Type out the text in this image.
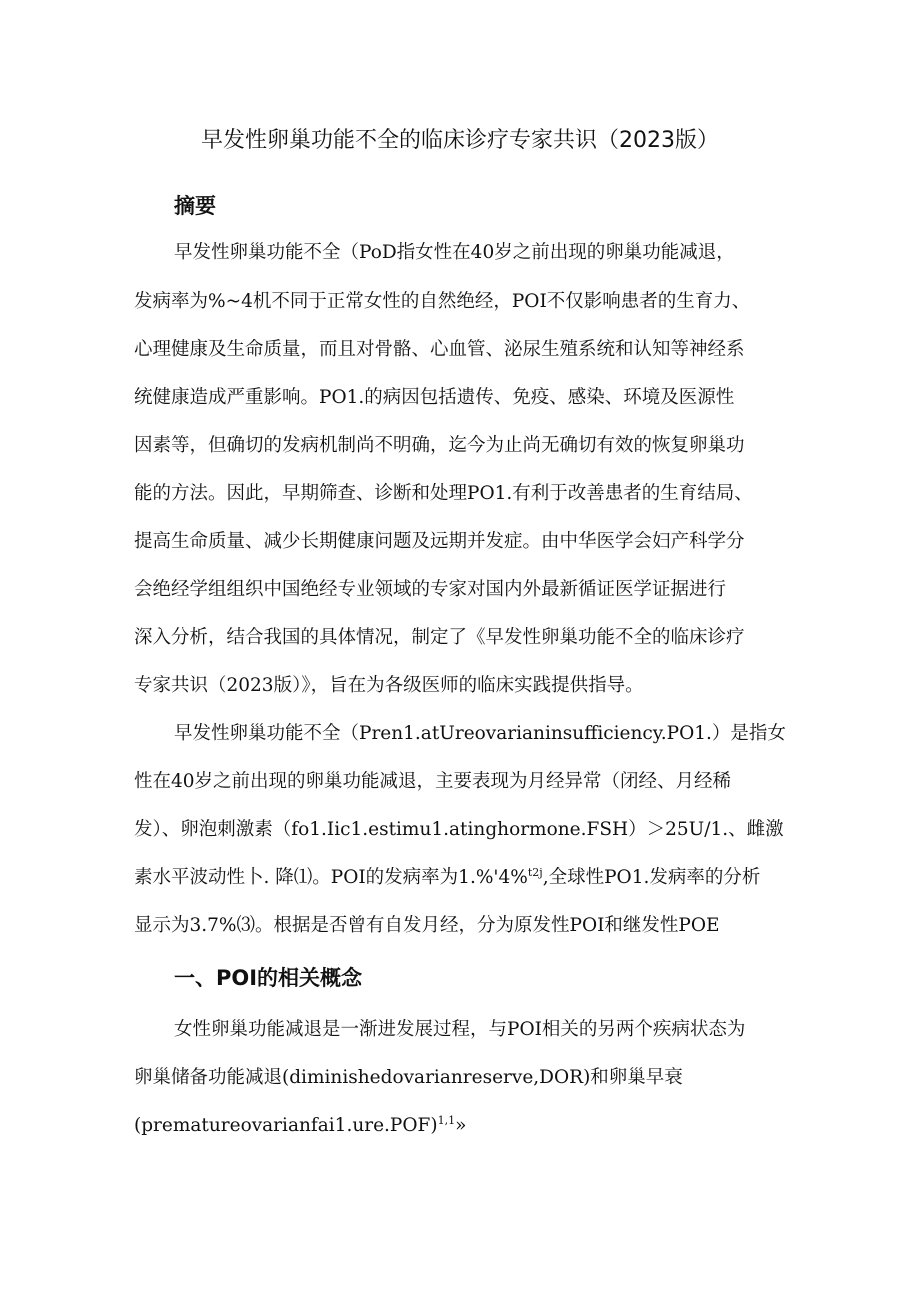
早发性卵巢功能不全的临床诊疗专家共识（2023版）
摘要
早发性卵巢功能不全（PoD指女性在40岁之前出现的卵巢功能减退，
发病率为%~4机不同于正常女性的自然绝经，POI不仅影响患者的生育力、
心理健康及生命质量，而且对骨骼、心血管、泌尿生殖系统和认知等神经系
统健康造成严重影响。PO1.的病因包括遗传、免疫、感染、环境及医源性
因素等，但确切的发病机制尚不明确，迄今为止尚无确切有效的恢复卵巢功
能的方法。因此，早期筛查、诊断和处理PO1.有利于改善患者的生育结局、
提高生命质量、减少长期健康问题及远期并发症。由中华医学会妇产科学分
会绝经学组组织中国绝经专业领域的专家对国内外最新循证医学证据进行
深入分析，结合我国的具体情况，制定了《早发性卵巢功能不全的临床诊疗
专家共识（2023版）》，旨在为各级医师的临床实践提供指导。
早发性卵巢功能不全（Pren1.atUreovarianinsufficiency.PO1.）是指女
性在40岁之前出现的卵巢功能减退，主要表现为月经异常（闭经、月经稀
发）、卵泡刺激素（fo1.Iic1.estimu1.atinghormone.FSH）＞25U/1.、雌激
素水平波动性卜. 降⑴。POI的发病率为1.%'4%$^{t2j}$,全球性PO1.发病率的分析
显示为3.7%⑶。根据是否曾有自发月经，分为原发性POI和继发性POE
一、POI的相关概念
女性卵巢功能减退是一渐进发展过程，与POI相关的另两个疾病状态为
卵巢储备功能减退(diminishedovarianreserve,DOR)和卵巢早衰
(prematureovarianfai1.ure.POF)$^{1,1}$»
